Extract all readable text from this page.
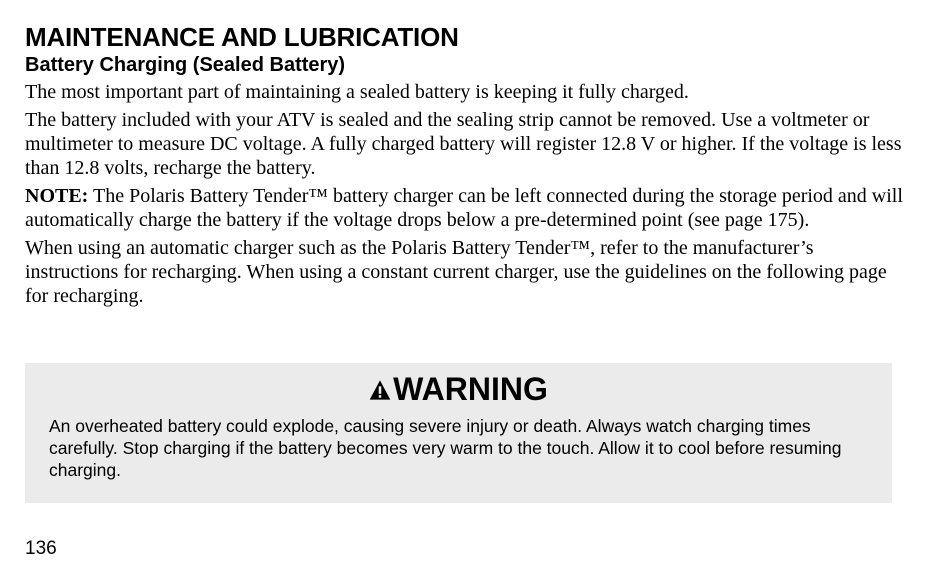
MAINTENANCE AND LUBRICATION
Battery Charging (Sealed Battery)

The most important part of maintaining a sealed battery is keeping it fully charged.

The battery included with your ATV is sealed and the sealing strip cannot be removed. Use a voltmeter or multimeter to measure DC voltage. A fully charged battery will register 12.8 V or higher. If the voltage is less than 12.8 volts, recharge the battery.

NOTE: The Polaris Battery Tender™ battery charger can be left connected during the storage period and will automatically charge the battery if the voltage drops below a pre-determined point (see page 175).

When using an automatic charger such as the Polaris Battery Tender™, refer to the manufacturer’s instructions for recharging. When using a constant current charger, use the guidelines on the following page for recharging.

WARNING
An overheated battery could explode, causing severe injury or death. Always watch charging times carefully. Stop charging if the battery becomes very warm to the touch. Allow it to cool before resuming charging.
136
